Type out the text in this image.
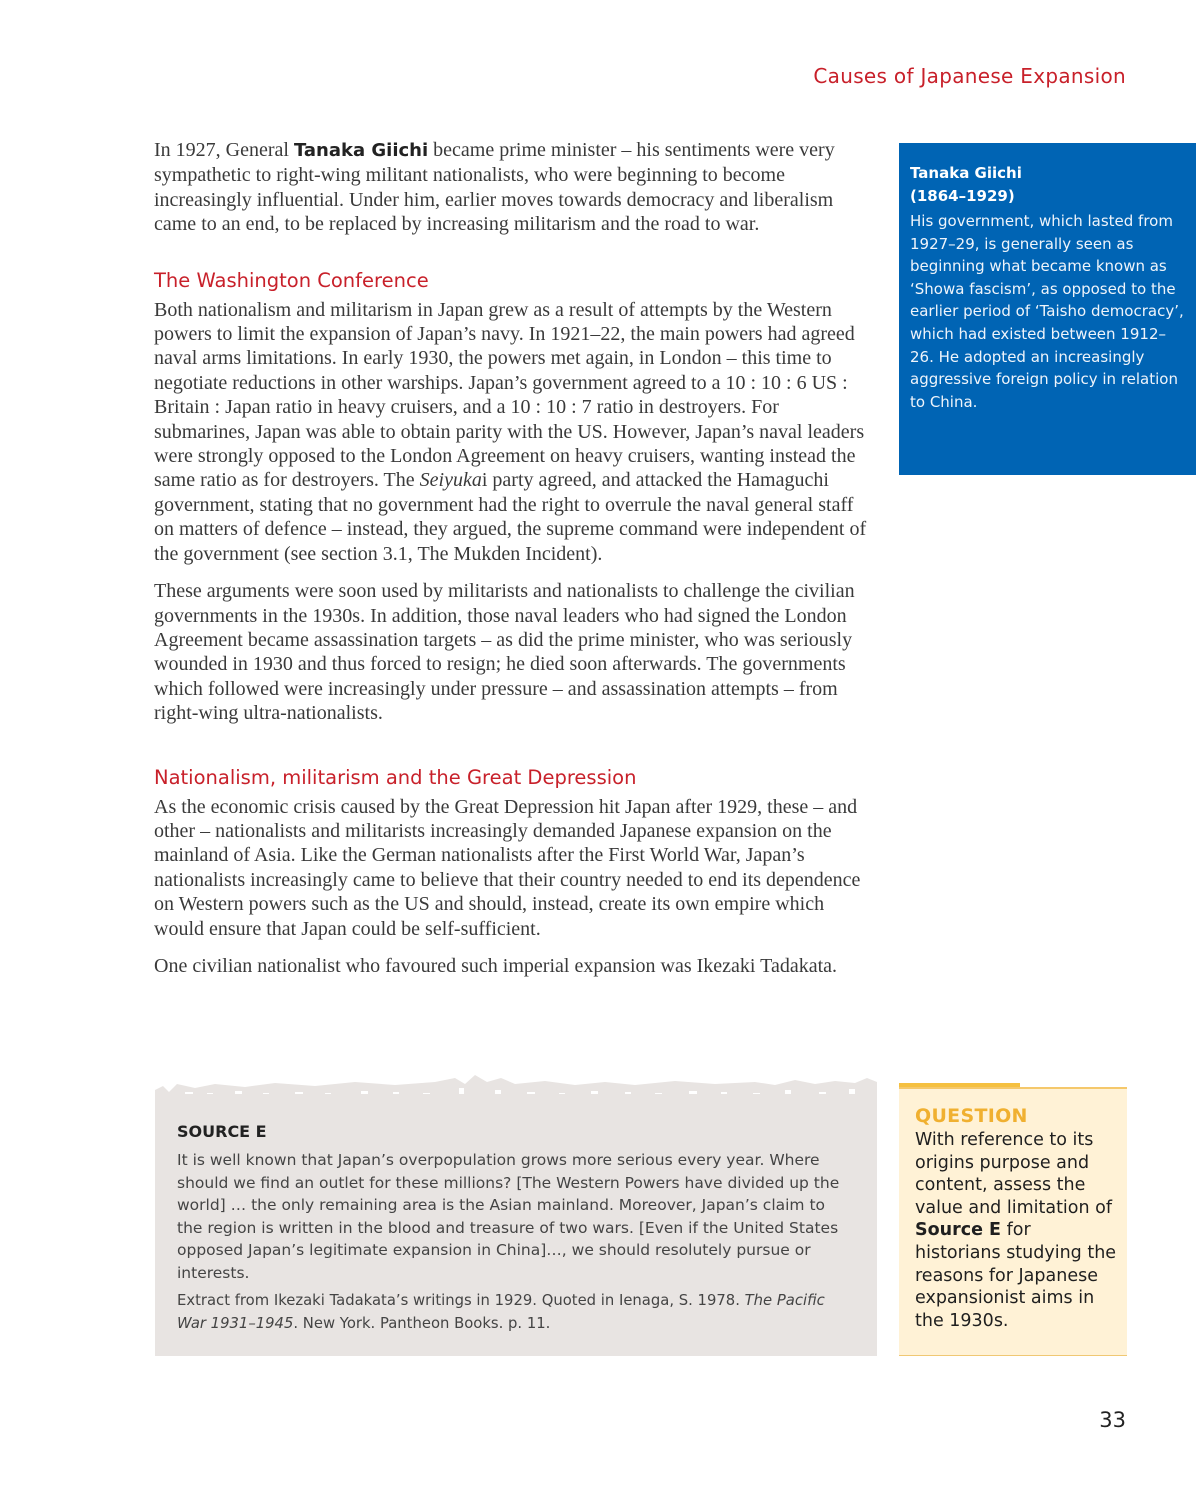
Causes of Japanese Expansion

In 1927, General Tanaka Giichi became prime minister – his sentiments were very sympathetic to right-wing militant nationalists, who were beginning to become increasingly influential. Under him, earlier moves towards democracy and liberalism came to an end, to be replaced by increasing militarism and the road to war.

The Washington Conference

Both nationalism and militarism in Japan grew as a result of attempts by the Western powers to limit the expansion of Japan’s navy. In 1921–22, the main powers had agreed naval arms limitations. In early 1930, the powers met again, in London – this time to negotiate reductions in other warships. Japan’s government agreed to a 10 : 10 : 6 US : Britain : Japan ratio in heavy cruisers, and a 10 : 10 : 7 ratio in destroyers. For submarines, Japan was able to obtain parity with the US. However, Japan’s naval leaders were strongly opposed to the London Agreement on heavy cruisers, wanting instead the same ratio as for destroyers. The Seiyukai party agreed, and attacked the Hamaguchi government, stating that no government had the right to overrule the naval general staff on matters of defence – instead, they argued, the supreme command were independent of the government (see section 3.1, The Mukden Incident).

These arguments were soon used by militarists and nationalists to challenge the civilian governments in the 1930s. In addition, those naval leaders who had signed the London Agreement became assassination targets – as did the prime minister, who was seriously wounded in 1930 and thus forced to resign; he died soon afterwards. The governments which followed were increasingly under pressure – and assassination attempts – from right-wing ultra-nationalists.

Nationalism, militarism and the Great Depression

As the economic crisis caused by the Great Depression hit Japan after 1929, these – and other – nationalists and militarists increasingly demanded Japanese expansion on the mainland of Asia. Like the German nationalists after the First World War, Japan’s nationalists increasingly came to believe that their country needed to end its dependence on Western powers such as the US and should, instead, create its own empire which would ensure that Japan could be self-sufficient.

One civilian nationalist who favoured such imperial expansion was Ikezaki Tadakata.

Tanaka Giichi
(1864–1929)

His government, which lasted from 1927–29, is generally seen as beginning what became known as ‘Showa fascism’, as opposed to the earlier period of ‘Taisho democracy’, which had existed between 1912–26. He adopted an increasingly aggressive foreign policy in relation to China.

SOURCE E

It is well known that Japan’s overpopulation grows more serious every year. Where should we find an outlet for these millions? [The Western Powers have divided up the world] … the only remaining area is the Asian mainland. Moreover, Japan’s claim to the region is written in the blood and treasure of two wars. [Even if the United States opposed Japan’s legitimate expansion in China]…, we should resolutely pursue or interests.

Extract from Ikezaki Tadakata’s writings in 1929. Quoted in Ienaga, S. 1978. The Pacific War 1931–1945. New York. Pantheon Books. p. 11.

QUESTION

With reference to its origins purpose and content, assess the value and limitation of Source E for historians studying the reasons for Japanese expansionist aims in the 1930s.

33
